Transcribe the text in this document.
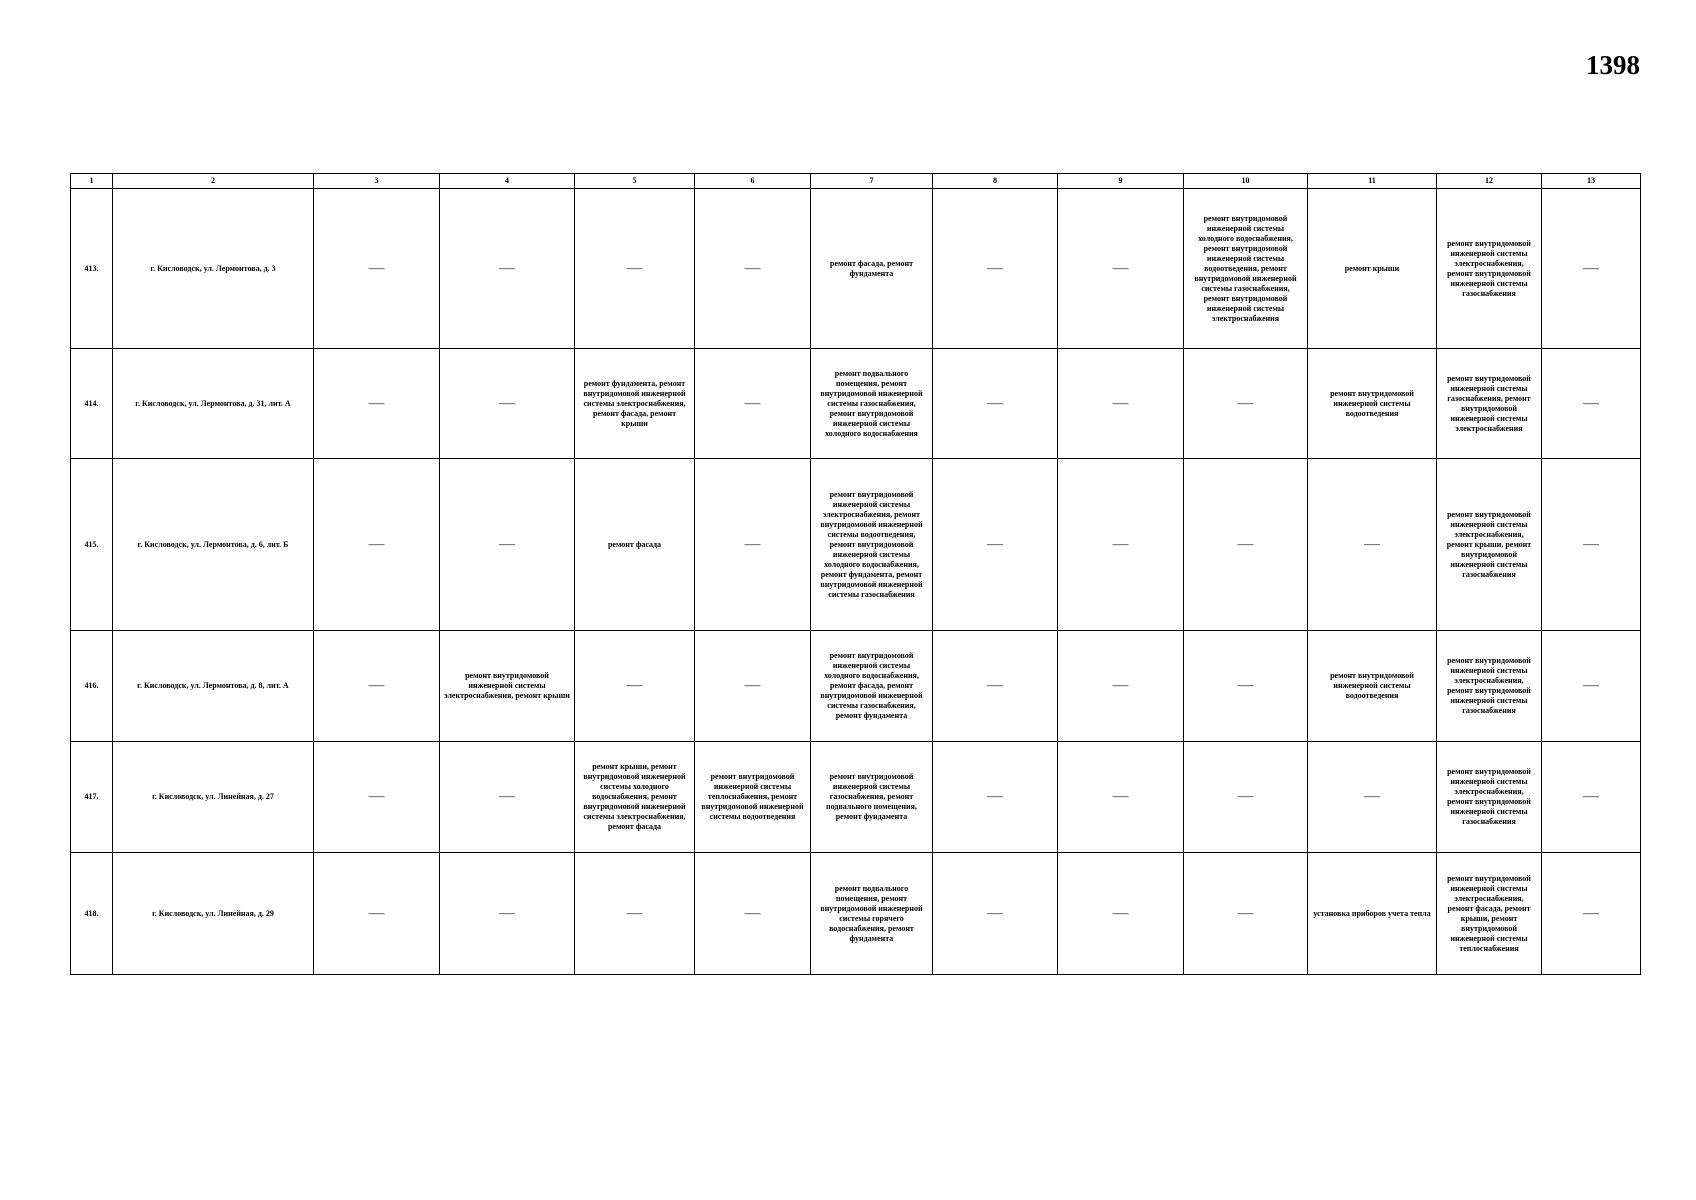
1398
1	2	3	4	5	6	7	8	9	10	11	12	13
413.	г. Кисловодск, ул. Лермонтова, д. 3	——	——	——	——	ремонт фасада, ремонт фундамента	——	——	ремонт внутридомовой инженерной системы холодного водоснабжения, ремонт внутридомовой инженерной системы водоотведения, ремонт внутридомовой инженерной системы газоснабжения, ремонт внутридомовой инженерной системы электроснабжения	ремонт крыши	ремонт внутридомовой инженерной системы электроснабжения, ремонт внутридомовой инженерной системы газоснабжения	——
414.	г. Кисловодск, ул. Лермонтова, д. 31, лит. А	——	——	ремонт фундамента, ремонт внутридомовой инженерной системы электроснабжения, ремонт фасада, ремонт крыши	——	ремонт подвального помещения, ремонт внутридомовой инженерной системы газоснабжения, ремонт внутридомовой инженерной системы холодного водоснабжения	——	——	——	ремонт внутридомовой инженерной системы водоотведения	ремонт внутридомовой инженерной системы газоснабжения, ремонт внутридомовой инженерной системы электроснабжения	——
415.	г. Кисловодск, ул. Лермонтова, д. 6, лит. Б	——	——	ремонт фасада	——	ремонт внутридомовой инженерной системы электроснабжения, ремонт внутридомовой инженерной системы водоотведения, ремонт внутридомовой инженерной системы холодного водоснабжения, ремонт фундамента, ремонт внутридомовой инженерной системы газоснабжения	——	——	——	——	ремонт внутридомовой инженерной системы электроснабжения, ремонт крыши, ремонт внутридомовой инженерной системы газоснабжения	——
416.	г. Кисловодск, ул. Лермонтова, д. 8, лит. А	——	ремонт внутридомовой инженерной системы электроснабжения, ремонт крыши	——	——	ремонт внутридомовой инженерной системы холодного водоснабжения, ремонт фасада, ремонт внутридомовой инженерной системы газоснабжения, ремонт фундамента	——	——	——	ремонт внутридомовой инженерной системы водоотведения	ремонт внутридомовой инженерной системы электроснабжения, ремонт внутридомовой инженерной системы газоснабжения	——
417.	г. Кисловодск, ул. Линейная, д. 27	——	——	ремонт крыши, ремонт внутридомовой инженерной системы холодного водоснабжения, ремонт внутридомовой инженерной системы электроснабжения, ремонт фасада	ремонт внутридомовой инженерной системы теплоснабжения, ремонт внутридомовой инженерной системы водоотведения	ремонт внутридомовой инженерной системы газоснабжения, ремонт подвального помещения, ремонт фундамента	——	——	——	——	ремонт внутридомовой инженерной системы электроснабжения, ремонт внутридомовой инженерной системы газоснабжения	——
418.	г. Кисловодск, ул. Линейная, д. 29	——	——	——	——	ремонт подвального помещения, ремонт внутридомовой инженерной системы горячего водоснабжения, ремонт фундамента	——	——	——	установка приборов учета тепла	ремонт внутридомовой инженерной системы электроснабжения, ремонт фасада, ремонт крыши, ремонт внутридомовой инженерной системы теплоснабжения	——
